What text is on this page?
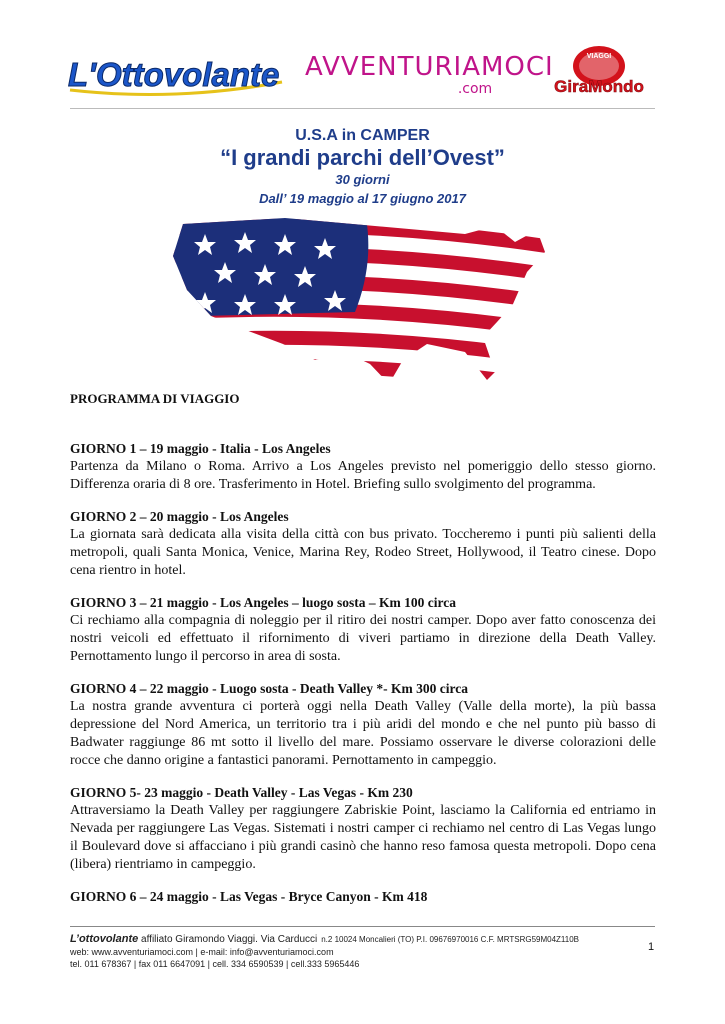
L'Ottovolante AVVENTURIAMOCI
.com
VIAGGI
GiraMondo
U.S.A in CAMPER
“I grandi parchi dell’Ovest”
30 giorni
Dall’ 19 maggio al 17 giugno 2017

PROGRAMMA DI VIAGGIO

GIORNO 1 – 19 maggio - Italia - Los Angeles

Partenza da Milano o Roma. Arrivo a Los Angeles previsto nel pomeriggio dello stesso giorno. Differenza oraria di 8 ore. Trasferimento in Hotel. Briefing sullo svolgimento del programma.

GIORNO 2 – 20 maggio - Los Angeles

La giornata sarà dedicata alla visita della città con bus privato. Toccheremo i punti più salienti della metropoli, quali Santa Monica, Venice, Marina Rey, Rodeo Street, Hollywood, il Teatro cinese. Dopo cena rientro in hotel.

GIORNO 3 – 21 maggio - Los Angeles – luogo sosta – Km 100 circa

Ci rechiamo alla compagnia di noleggio per il ritiro dei nostri camper. Dopo aver fatto conoscenza dei nostri veicoli ed effettuato il rifornimento di viveri partiamo in direzione della Death Valley. Pernottamento lungo il percorso in area di sosta.

GIORNO 4 – 22 maggio - Luogo sosta - Death Valley *- Km 300 circa

La nostra grande avventura ci porterà oggi nella Death Valley (Valle della morte), la più bassa depressione del Nord America, un territorio tra i più aridi del mondo e che nel punto più basso di Badwater raggiunge 86 mt sotto il livello del mare. Possiamo osservare le diverse colorazioni delle rocce che danno origine a fantastici panorami. Pernottamento in campeggio.

GIORNO 5- 23 maggio - Death Valley - Las Vegas - Km 230

Attraversiamo la Death Valley per raggiungere Zabriskie Point, lasciamo la California ed entriamo in Nevada per raggiungere Las Vegas. Sistemati i nostri camper ci rechiamo nel centro di Las Vegas lungo il Boulevard dove si affacciano i più grandi casinò che hanno reso famosa questa metropoli. Dopo cena (libera) rientriamo in campeggio.

GIORNO 6 – 24 maggio - Las Vegas - Bryce Canyon - Km 418

L’ottovolante affiliato Giramondo Viaggi. Via Carducci n.2 10024 Moncalieri (TO) P.I. 09676970016 C.F. MRTSRG59M04Z110B
web: www.avventuriamoci.com | e-mail: info@avventuriamoci.com
tel. 011 678367 | fax 011 6647091 | cell. 334 6590539 | cell.333 5965446
1
